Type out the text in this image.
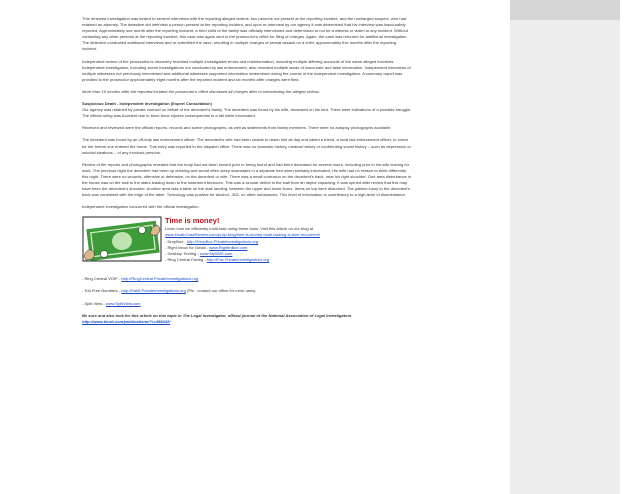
This renewed investigation was limited to several interviews with the reporting alleged victims, two persons not present at the reporting incident, and the uncharged suspect, who had retained an attorney. The detective did interview a person present at the reporting incident, and upon re-interview by our agency it was determined that his interview was inaccurately reported. Approximately one month after the reporting incident, a third child of the family was officially interviewed and determined to not be a witness or victim to any incident. Without contacting any other persons at the reporting incident, this case was again sent to the prosecutor's office for filing of charges. Again, the case was returned for additional investigation. The detective conducted additional interviews and re-submitted the case, resulting in multiple charges of sexual assault on a child, approximately five months after the reporting incident.

Independent review of the prosecution's discovery revealed multiple investigative errors and misinformation, including multiple differing accounts of the same alleged incidents. Independent investigation, including scene investigations not conducted by law enforcement, also revealed multiple areas of inaccurate and false information. Independent interviews of multiple witnesses not previously interviewed and additional witnesses supported information determined during the course of the independent investigation. A summary report was provided to the prosecutor approximately eight months after the reported incident and six months after charges were filed.

More than 16 months after the reported incident the prosecutor's office dismissed all charges after re-interviewing the alleged victims.

Suspicious Death - Independent Investigation (Expert Consultation)

Our agency was retained by private counsel on behalf of the decedent's family. The decedent was found by his wife, deceased on his bed. There were indications of a possible struggle. The official ruling was Accident due to blunt force injuries consequential to a fall while intoxicated.

Received and reviewed were the official reports, records and scene photographs, as well as statements from family members. There were no autopsy photographs available.

The decedent was found by an off-duty law enforcement officer. The decedent's wife had been unable to reach him all day and called a friend, a local law enforcement officer, to check for her before she entered the home. This entry was reported to the dispatch office. There was no domestic history, medical history or contributing social history – such as depression or suicidal ideations – of any involved persons.

Review of the reports and photographs revealed that the body had not been moved prior to being found and had been deceased for several hours, including prior to his wife leaving for work. The previous night the decedent had been up drinking and would often sleep downstairs in a separate bed when similarly intoxicated. His wife had no reason to think differently this night. There were no wounds, offensive or defensive, on the decedent or wife. There was a small contusion on the decedent's back, near his right shoulder. One area disturbance in the house was on the wall to the stairs leading down to the basement bedroom. This was a circular defect in the wall from an object impacting. It was opined after review that this may have been the decedent's shoulder. Another area was a table on the stair landing, between the upper and lower floors. Items on top were disturbed. The pattern injury to the decedent's back was consistent with the edge of the table. Toxicology was positive for alcohol, .302, no other substances. This level of intoxication is contributory to a high-level of disorientation.

Independent investigation concurred with the official investigation.

Time is money!

Learn how we efficiently multi-task using these tools. Visit this article on our blog at

www.DeathCaseReview.com/pi-tip-blog/time-is-money-multi-tasking-is-time-recovered/

- DropBox - http://DropBox.PrivateInvestigations.org

- Right Inbox for Gmail - www.RightInBox.com

- Desktop Texting - www.MySMS.com

- Ring Central Faxing - http://Fax.PrivateInvestigations.org

- Ring Central VOIP - http://RingCentral.PrivateInvestigations.org

- Toll-Free Numbers - http://Kall8.PrivateInvestigations.org (Pls - contact our office for more uses)

- Split View - www.SplitView.com

Be sure and also look for this article on this topic in The Legal Investigator, official journal of the National Association of Legal Investigators http://www.blurb.com/publications/?r=495442/
